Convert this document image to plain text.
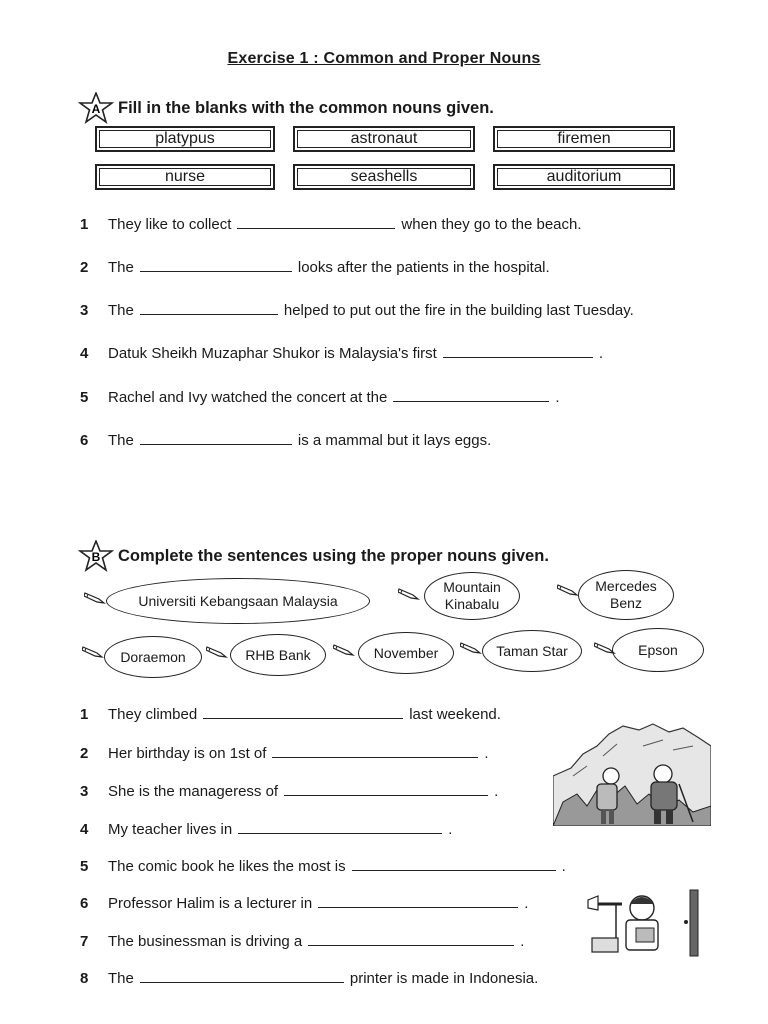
Exercise 1 : Common and Proper Nouns
A Fill in the blanks with the common nouns given.
platypus	astronaut	firemen
nurse	seashells	auditorium
1	They like to collect	when they go to the beach.
2	The	looks after the patients in the hospital.
3	The	helped to put out the fire in the building last Tuesday.
4	Datuk Sheikh Muzaphar Shukor is Malaysia's first	.
5	Rachel and Ivy watched the concert at the	.
6	The	is a mammal but it lays eggs.
B Complete the sentences using the proper nouns given.
Universiti Kebangsaan Malaysia
Mountain Kinabalu
Mercedes Benz
Doraemon	RHB Bank	November	Taman Star	Epson
1	They climbed	last weekend.
2	Her birthday is on 1st of	.
3	She is the manageress of	.
4	My teacher lives in	.
5	The comic book he likes the most is	.
6	Professor Halim is a lecturer in	.
7	The businessman is driving a	.
8	The	printer is made in Indonesia.
